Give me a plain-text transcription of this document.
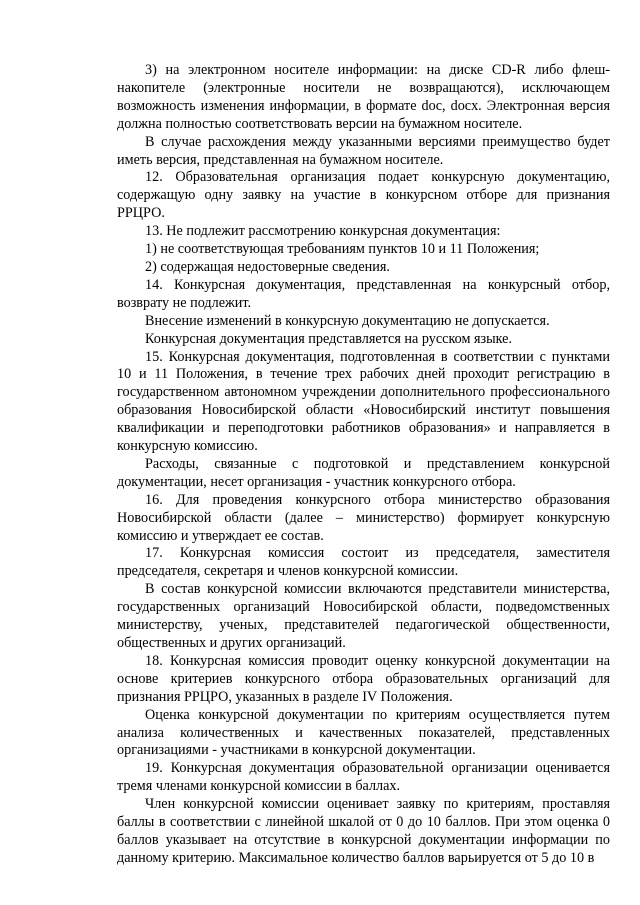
3) на электронном носителе информации: на диске CD-R либо флеш-накопителе (электронные носители не возвращаются), исключающем возможность изменения информации, в формате doc, docx. Электронная версия должна полностью соответствовать версии на бумажном носителе.

В случае расхождения между указанными версиями преимущество будет иметь версия, представленная на бумажном носителе.

12. Образовательная организация подает конкурсную документацию, содержащую одну заявку на участие в конкурсном отборе для признания РРЦРО.

13. Не подлежит рассмотрению конкурсная документация:

1) не соответствующая требованиям пунктов 10 и 11 Положения;

2) содержащая недостоверные сведения.

14. Конкурсная документация, представленная на конкурсный отбор, возврату не подлежит.

Внесение изменений в конкурсную документацию не допускается.

Конкурсная документация представляется на русском языке.

15. Конкурсная документация, подготовленная в соответствии с пунктами 10 и 11 Положения, в течение трех рабочих дней проходит регистрацию в государственном автономном учреждении дополнительного профессионального образования Новосибирской области «Новосибирский институт повышения квалификации и переподготовки работников образования» и направляется в конкурсную комиссию.

Расходы, связанные с подготовкой и представлением конкурсной документации, несет организация - участник конкурсного отбора.

16. Для проведения конкурсного отбора министерство образования Новосибирской области (далее – министерство) формирует конкурсную комиссию и утверждает ее состав.

17. Конкурсная комиссия состоит из председателя, заместителя председателя, секретаря и членов конкурсной комиссии.

В состав конкурсной комиссии включаются представители министерства, государственных организаций Новосибирской области, подведомственных министерству, ученых, представителей педагогической общественности, общественных и других организаций.

18. Конкурсная комиссия проводит оценку конкурсной документации на основе критериев конкурсного отбора образовательных организаций для признания РРЦРО, указанных в разделе IV Положения.

Оценка конкурсной документации по критериям осуществляется путем анализа количественных и качественных показателей, представленных организациями - участниками в конкурсной документации.

19. Конкурсная документация образовательной организации оценивается тремя членами конкурсной комиссии в баллах.

Член конкурсной комиссии оценивает заявку по критериям, проставляя баллы в соответствии с линейной шкалой от 0 до 10 баллов. При этом оценка 0 баллов указывает на отсутствие в конкурсной документации информации по данному критерию. Максимальное количество баллов варьируется от 5 до 10 в
